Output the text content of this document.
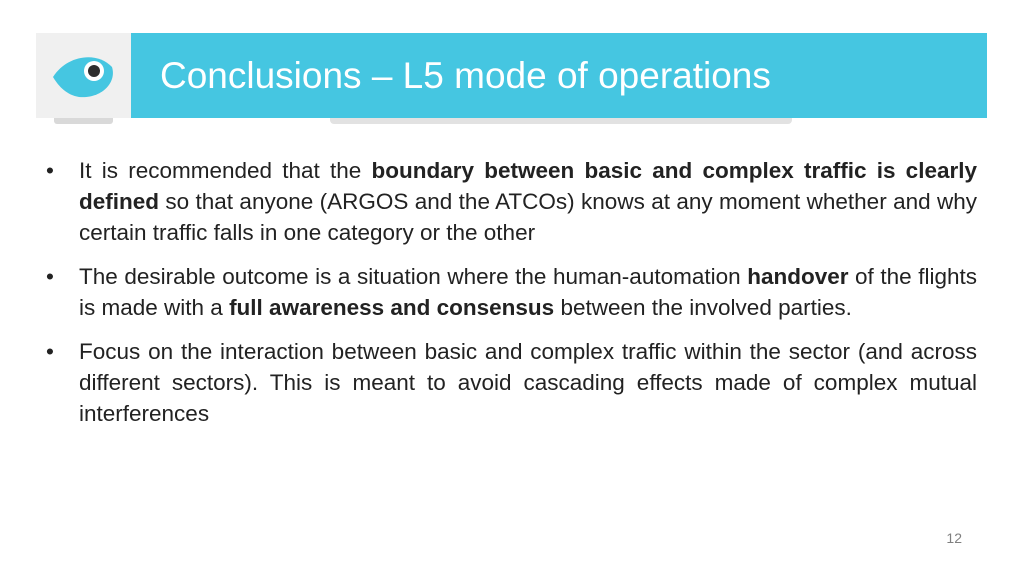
Conclusions – L5 mode of operations
• It is recommended that the boundary between basic and complex traffic is clearly defined so that anyone (ARGOS and the ATCOs) knows at any moment whether and why certain traffic falls in one category or the other
• The desirable outcome is a situation where the human-automation handover of the flights is made with a full awareness and consensus between the involved parties.
• Focus on the interaction between basic and complex traffic within the sector (and across different sectors). This is meant to avoid cascading effects made of complex mutual interferences
12
